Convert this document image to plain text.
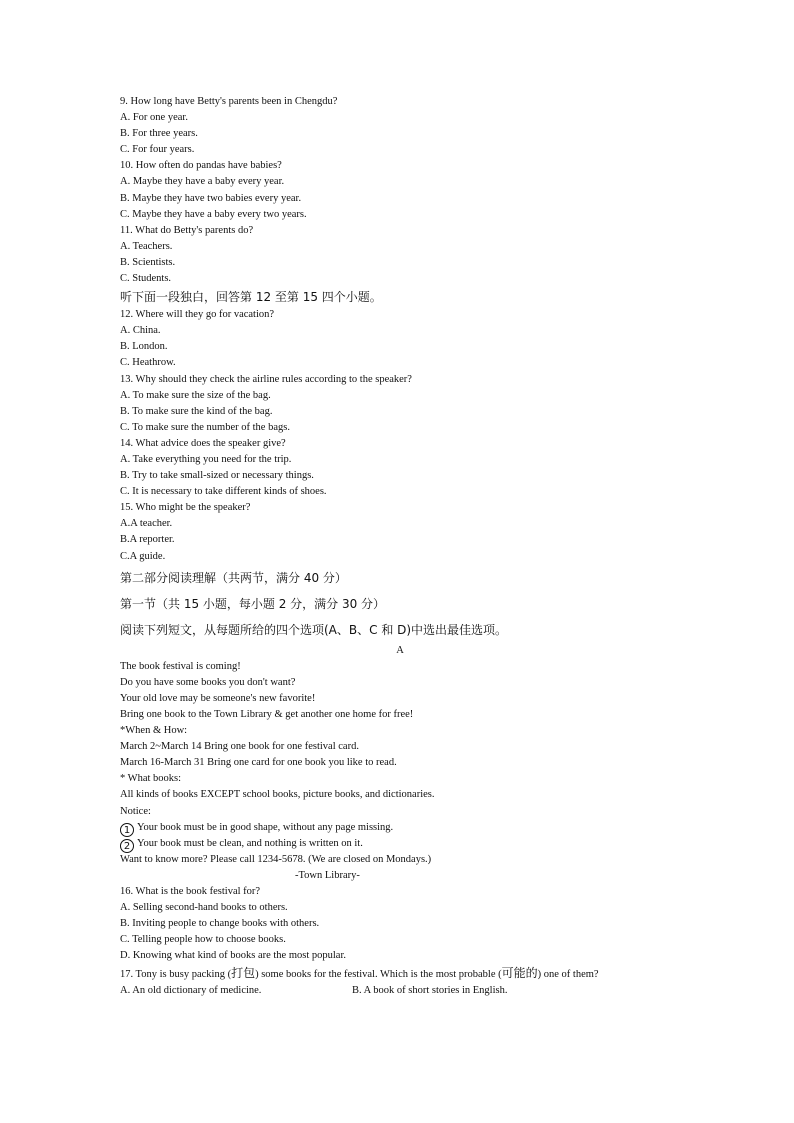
9. How long have Betty's parents been in Chengdu?
A. For one year.
B. For three years.
C. For four years.
10. How often do pandas have babies?
A. Maybe they have a baby every year.
B. Maybe they have two babies every year.
C. Maybe they have a baby every two years.
11. What do Betty's parents do?
A. Teachers.
B. Scientists.
C. Students.
听下面一段独白，回答第 12 至第 15 四个小题。
12. Where will they go for vacation?
A. China.
B. London.
C. Heathrow.
13. Why should they check the airline rules according to the speaker?
A. To make sure the size of the bag.
B. To make sure the kind of the bag.
C. To make sure the number of the bags.
14. What advice does the speaker give?
A. Take everything you need for the trip.
B. Try to take small-sized or necessary things.
C. It is necessary to take different kinds of shoes.
15. Who might be the speaker?
A.A teacher.
B.A reporter.
C.A guide.
第二部分阅读理解（共两节，满分 40 分）
第一节（共 15 小题，每小题 2 分，满分 30 分）
阅读下列短文，从每题所给的四个选项(A、B、C 和 D)中选出最佳选项。
A
The book festival is coming!
Do you have some books you don't want?
Your old love may be someone's new favorite!
Bring one book to the Town Library & get another one home for free!
*When & How:
March 2~March 14 Bring one book for one festival card.
March 16-March 31 Bring one card for one book you like to read.
* What books:
All kinds of books EXCEPT school books, picture books, and dictionaries.
Notice:
1 Your book must be in good shape, without any page missing.
2 Your book must be clean, and nothing is written on it.
Want to know more? Please call 1234-5678. (We are closed on Mondays.)
-Town Library-
16. What is the book festival for?
A. Selling second-hand books to others.
B. Inviting people to change books with others.
C. Telling people how to choose books.
D. Knowing what kind of books are the most popular.
17. Tony is busy packing (打包) some books for the festival. Which is the most probable (可能的) one of them?
A. An old dictionary of medicine.	B. A book of short stories in English.
